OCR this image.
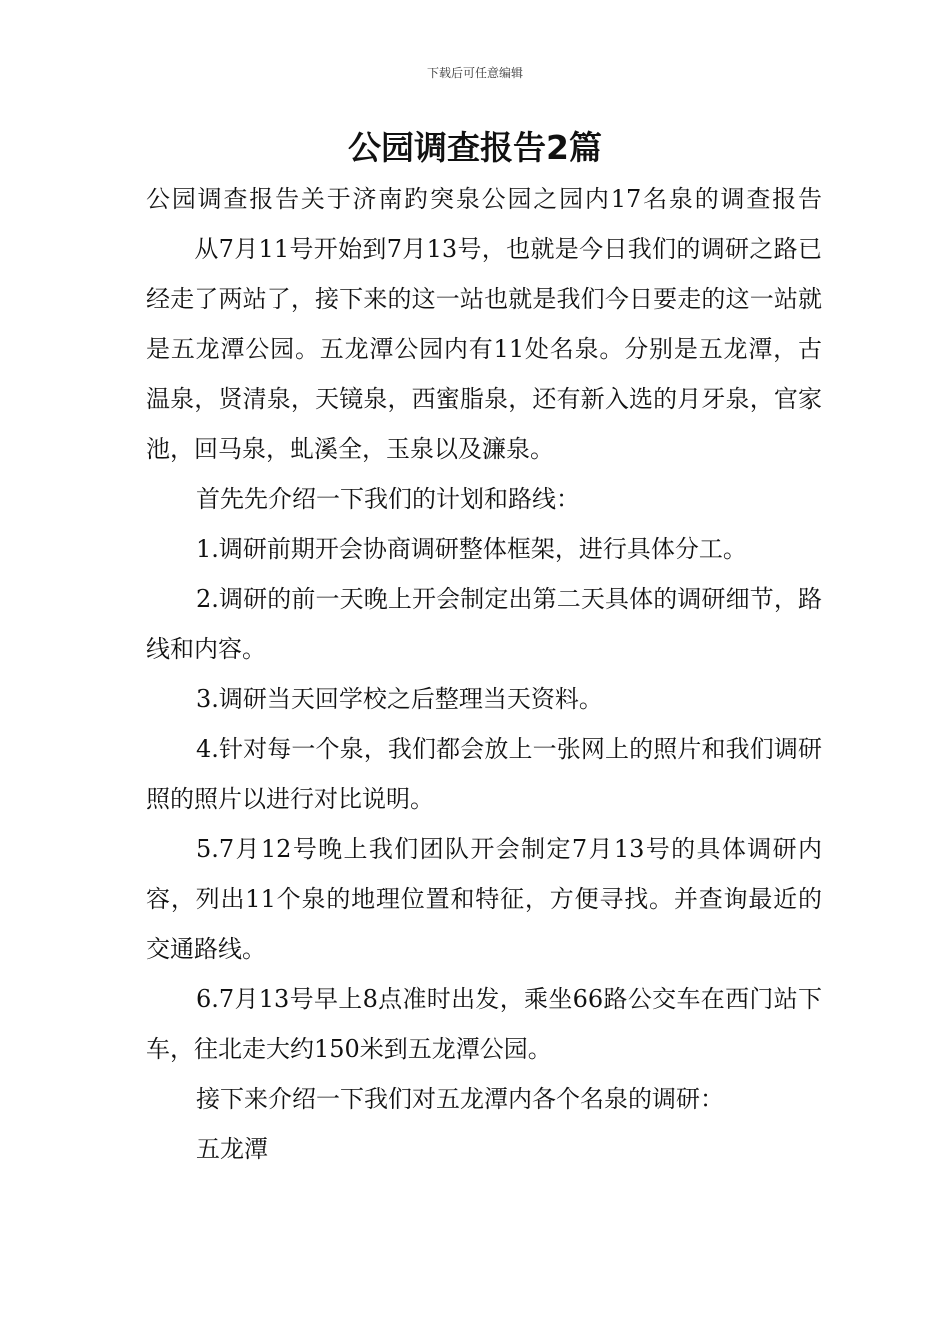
下载后可任意编辑
公园调查报告2篇

公园调查报告关于济南趵突泉公园之园内17名泉的调查报告从7月11号开始到7月13号，也就是今日我们的调研之路已经走了两站了，接下来的这一站也就是我们今日要走的这一站就是五龙潭公园。五龙潭公园内有11处名泉。分别是五龙潭，古温泉，贤清泉，天镜泉，西蜜脂泉，还有新入选的月牙泉，官家池，回马泉，虬溪全，玉泉以及濂泉。

首先先介绍一下我们的计划和路线：

1.调研前期开会协商调研整体框架，进行具体分工。

2.调研的前一天晚上开会制定出第二天具体的调研细节，路线和内容。

3.调研当天回学校之后整理当天资料。

4.针对每一个泉，我们都会放上一张网上的照片和我们调研照的照片以进行对比说明。

5.7月12号晚上我们团队开会制定7月13号的具体调研内容，列出11个泉的地理位置和特征，方便寻找。并查询最近的交通路线。

6.7月13号早上8点准时出发，乘坐66路公交车在西门站下车，往北走大约150米到五龙潭公园。

接下来介绍一下我们对五龙潭内各个名泉的调研：

五龙潭
